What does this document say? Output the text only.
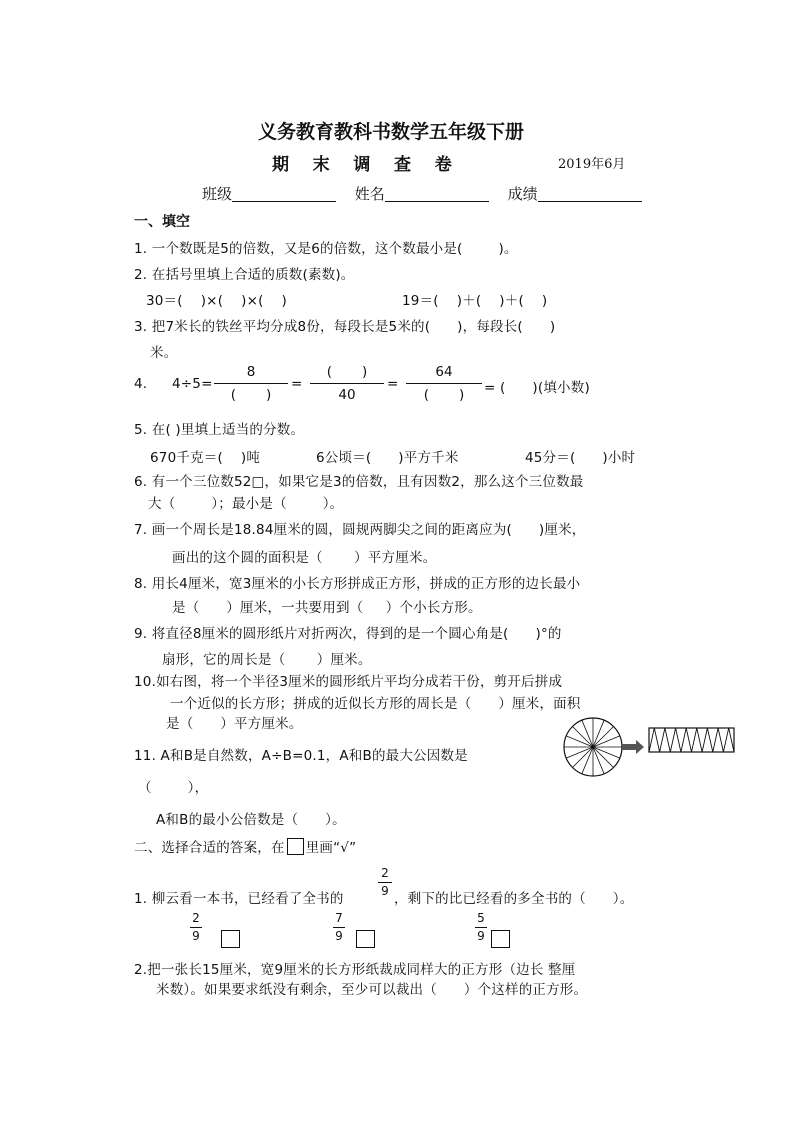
义务教育教科书数学五年级下册
期    末    调    查    卷	2019年6月
班级	姓名	成绩
一、填空
1. 一个数既是5的倍数，又是6的倍数，这个数最小是(        )。
2. 在括号里填上合适的质数(素数)。
30＝(    )×(    )×(    )	19＝(    )＋(    )＋(    )
3. 把7米长的铁丝平均分成8份，每段长是5米的(      )，每段长(      )
米。
4. 4÷5=
8
(       )
=
(       )
40
=
64
(       )	= (      )(填小数)
5. 在( )里填上适当的分数。
670千克＝(    )吨	6公顷＝(      )平方千米	45分＝(      )小时
6. 有一个三位数52□，如果它是3的倍数，且有因数2，那么这个三位数最
大（        ）；最小是（        ）。
7. 画一个周长是18.84厘米的圆，圆规两脚尖之间的距离应为(      )厘米，
画出的这个圆的面积是（       ）平方厘米。
8. 用长4厘米，宽3厘米的小长方形拼成正方形，拼成的正方形的边长最小
是（      ）厘米，一共要用到（     ）个小长方形。
9. 将直径8厘米的圆形纸片对折两次，得到的是一个圆心角是(      )°的
扇形，它的周长是（       ）厘米。
10.如右图，将一个半径3厘米的圆形纸片平均分成若干份，剪开后拼成
一个近似的长方形；拼成的近似长方形的周长是（      ）厘米，面积
是（      ）平方厘米。
11. A和B是自然数，A÷B=0.1，A和B的最大公因数是
（        ），
A和B的最小公倍数是（      ）。
二、选择合适的答案，在 里画“√”
1. 柳云看一本书，已经看了全书的
2
9 ，剩下的比已经看的多全书的（      ）。
2
9
7
9
5
9
2.把一张长15厘米，宽9厘米的长方形纸裁成同样大的正方形（边长 整厘
米数）。如果要求纸没有剩余，至少可以裁出（      ）个这样的正方形。
